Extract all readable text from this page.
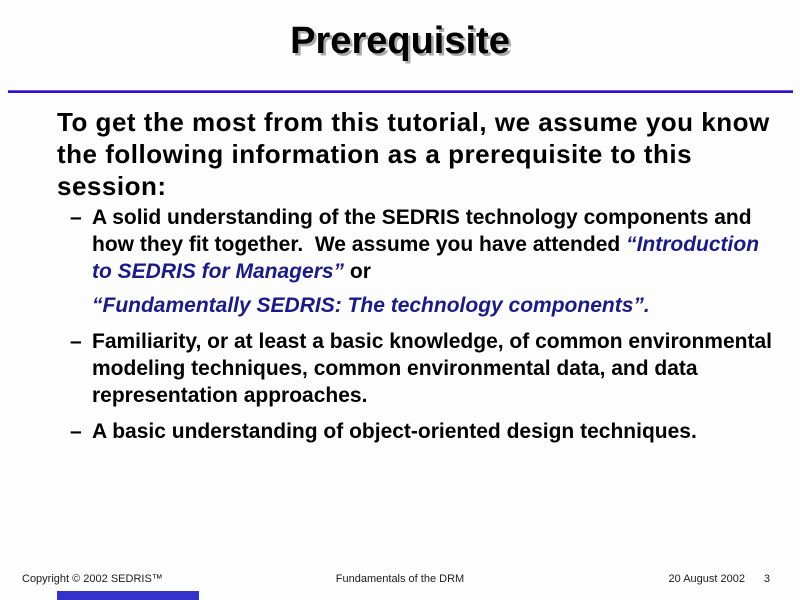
Prerequisite
To get the most from this tutorial, we assume you know the following information as a prerequisite to this session:
– A solid understanding of the SEDRIS technology components and how they fit together.  We assume you have attended “Introduction to SEDRIS for Managers” or
“Fundamentally SEDRIS: The technology components”.
– Familiarity, or at least a basic knowledge, of common environmental modeling techniques, common environmental data, and data representation approaches.
– A basic understanding of object-oriented design techniques.
Copyright © 2002 SEDRIS™	Fundamentals of the DRM	20 August 2002 3
